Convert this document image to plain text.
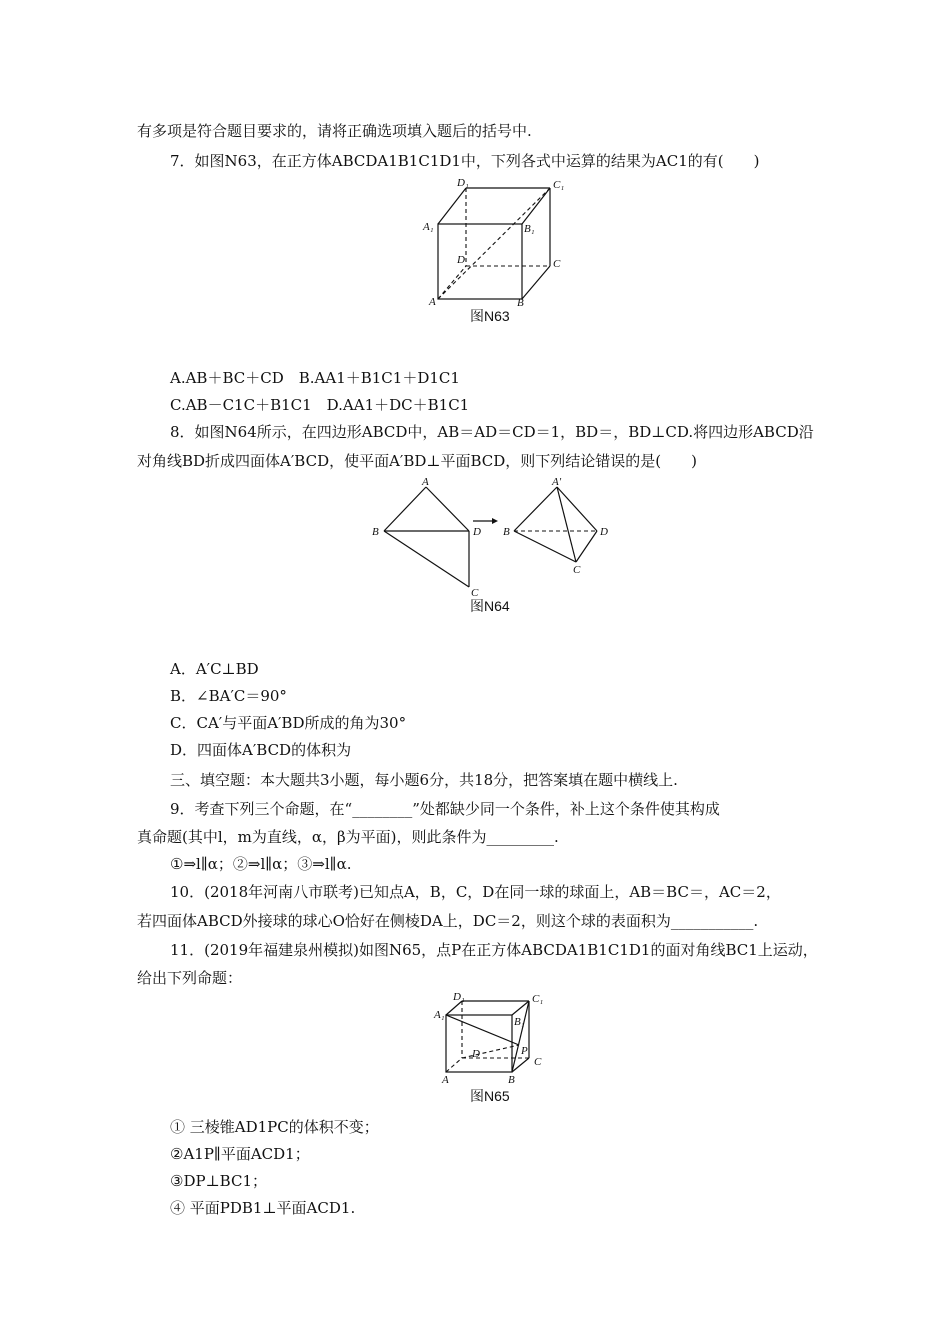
有多项是符合题目要求的，请将正确选项填入题后的括号中.
7．如图N63，在正方体ABCDA1B1C1D1中，下列各式中运算的结果为AC1的有(　　)
D₁	C₁
A₁	B₁
D	C
A	B
图N63
A.AB＋BC＋CD　B.AA1＋B1C1＋D1C1
C.AB－C1C＋B1C1　D.AA1＋DC＋B1C1
8．如图N64所示，在四边形ABCD中，AB＝AD＝CD＝1，BD＝，BD⊥CD.将四边形ABCD沿
对角线BD折成四面体A′BCD，使平面A′BD⊥平面BCD，则下列结论错误的是(　　)
A
B	D
C
A′
B	D
C
图N64
A．A′C⊥BD
B．∠BA′C＝90°
C．CA′与平面A′BD所成的角为30°
D．四面体A′BCD的体积为
三、填空题：本大题共3小题，每小题6分，共18分，把答案填在题中横线上.
9．考查下列三个命题，在“________”处都缺少同一个条件，补上这个条件使其构成
真命题(其中l，m为直线，α，β为平面)，则此条件为_________.
①⇒l∥α；②⇒l∥α；③⇒l∥α.
10．(2018年河南八市联考)已知点A，B，C，D在同一球的球面上，AB＝BC＝，AC＝2，
若四面体ABCD外接球的球心O恰好在侧棱DA上，DC＝2，则这个球的表面积为___________.
11．(2019年福建泉州模拟)如图N65，点P在正方体ABCDA1B1C1D1的面对角线BC1上运动，
给出下列命题：
D₁	C₁
A₁
B₁
D	P
C
A	B
图N65
① 三棱锥AD1PC的体积不变；
②A1P∥平面ACD1；
③DP⊥BC1；
④ 平面PDB1⊥平面ACD1.
